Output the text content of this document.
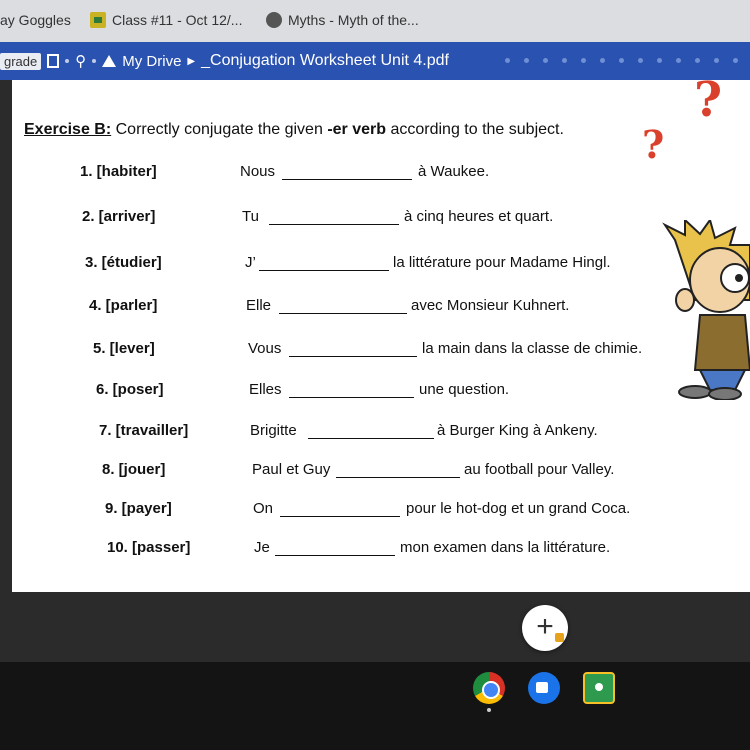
ay Goggles	Class #11 - Oct 12/...	Myths - Myth of the...
grade	⚲ My Drive ▶ _Conjugation Worksheet Unit 4.pdf
Exercise B: Correctly conjugate the given -er verb according to the subject.
1. [habiter]	Nous	à Waukee.
2. [arriver]	Tu	à cinq heures et quart.
3. [étudier]	J’	la littérature pour Madame Hingl.
4. [parler]	Elle	avec Monsieur Kuhnert.
5. [lever]	Vous	la main dans la classe de chimie.
6. [poser]	Elles	une question.
7. [travailler]	Brigitte	à Burger King à Ankeny.
8. [jouer]	Paul et Guy	au football pour Valley.
9. [payer]	On	pour le hot-dog et un grand Coca.
10. [passer]	Je	mon examen dans la littérature.
?
?
+
